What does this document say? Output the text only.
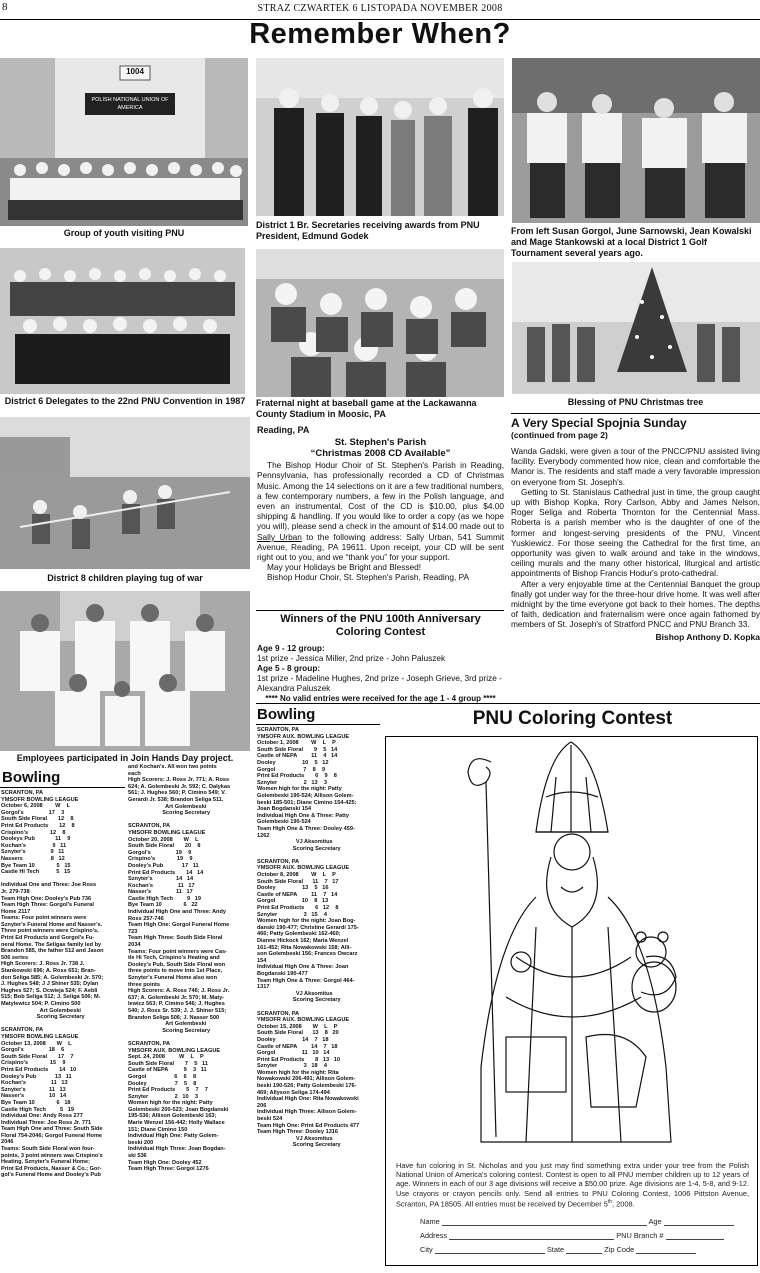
8	STRAZ CZWARTEK 6 LISTOPADA NOVEMBER 2008
Remember When?
1004
POLISH NATIONAL UNION OF AMERICA
Group of youth visiting PNU
District 6 Delegates to the 22nd PNU Convention in 1987
District 8 children playing tug of war
Employees participated in Join Hands Day project.
Bowling
SCRANTON, PA
YMSOFR BOWLING LEAGUE
October 6, 2008        W    L
Gorgol's                17    3
South Side Floral       12    8
Print Ed Products       12    8
Crispino's              12    8
Dooleys Pub             11    9
Kochan's                 9   11
Sznyter's                9   11
Nassers                  8   12
Bye Team 10              5   15
Castle Hi Tech           5   15

Individual One and Three: Joe Ross
Jr. 279-738
Team High One: Dooley's Pub 736
Team High Three: Gorgol's Funeral
Home 2117
Teams: Four point winners were
Sznyter's Funeral Home and Nasser's.
Three point winners were Crispino's,
Print Ed Products and Gorgol's Fu-
neral Home. The Seligas family led by
Brandon 585, the father 512 and Jason
506 series
High Scorers: J. Ross Jr. 738 J.
Stankowski 696; A. Ross 651; Bran-
don Seliga 585; A. Golembeski Jr. 570;
J. Hughes 548; J J Shiner 535; Dylan
Hughes 527; S. Ocwieja 524; F. Aebli
515; Bob Seliga 512; J. Seliga 506; M.
Matylewicz 504; P. Cimino 500
Art Golembeski
Scoring Secretary

SCRANTON, PA
YMSOFR BOWLING LEAGUE
October 13, 2008       W    L
Gorgol's                18    6
South Side Floral       17    7
Crispino's              15    9
Print Ed Products       14   10
Dooley's Pub            13   11
Kochan's                11   13
Sznyter's               11   13
Nasser's                10   14
Bye Team 10              6   18
Castle High Tech         5   19
Individual One: Andy Ross 277
Individual Three: Joe Ross Jr. 771
Team High One and Three: South Side
Floral 754-2046; Gorgol Funeral Home
2046
Teams: South Side Floral won four-
points, 3 point winners was Crispino's
Heating, Sznyter's Funeral Home;
Print Ed Products, Nasser & Co.; Gor-
gol's Funeral Home and Dooley's Pub
and Kochan's. All won two points
each
High Scorers: J. Ross Jr. 771; A. Ross
624; A. Golembeski Jr. 592; C. Dalykas
561; J. Hughes 560; P. Cimino 549; V.
Gerardi Jr. 538; Brandon Seliga 511.
Art Golembeski
Scoring Secretary

SCRANTON, PA
YMSOFR BOWLING LEAGUE
October 20, 2008       W    L
South Side Floral       20    8
Gorgol's                19    9
Crispino's              19    9
Dooley's Pub            17   11
Print Ed Products       14   14
Sznyter's               14   14
Kochan's                11   17
Nasser's                11   17
Castle High Tech         9   19
Bye Team 10              6   22
Individual High One and Three: Andy
Ross 257-746
Team High One: Gorgol Funeral Home
723
Team High Three: South Side Floral
2034
Teams: Four point winners were Cas-
tle Hi Tech, Crispino's Heating and
Dooley's Pub, South Side Floral won
three points to move into 1st Place,
Sznyter's Funeral Home also won
three points
High Scorers: A. Ross 746; J. Ross Jr.
637; A. Golembeski Jr. 570; M. Maty-
lewicz 563; P. Cimino 546; J. Hughes
540; J. Ross Sr. 539; J. J. Shiner 515;
Brandon Seliga 506; J. Nasser 500
Art Golembeski
Scoring Secretary

SCRANTON, PA
YMSOFR AUX. BOWLING LEAGUE
Sept. 24, 2008         W    L    P
South Side Floral       7    5   11
Castle of NEPA          9    3   11
Gorgol                  6    6    8
Dooley                  7    5    8
Print Ed Products       5    7    7
Sznyter                 2   10    3
Women high for the night: Patty
Golembeski 200-523; Joan Bogdanski
195-536; Allison Golembeski 163;
Marie Wenzel 156-442; Holly Wallace
151; Diane Cimino 150
Individual High One: Patty Golem-
beski 200
Individual High Three: Joan Bogdan-
ski 536
Team High One: Dooley 452
Team High Three: Gorgol 1276
District 1 Br. Secretaries receiving awards from PNU President, Edmund Godek
Fraternal night at baseball game at the Lackawanna County Stadium in Moosic, PA
Reading, PA
St. Stephen's Parish
“Christmas 2008 CD Available”

The Bishop Hodur Choir of St. Stephen's Parish in Reading, Pennsylvania, has professionally recorded a CD of Christmas Music. Among the 14 selections on it are a few traditional numbers, a few contemporary numbers, a few in the Polish language, and even an instrumental. Cost of the CD is $10.00, plus $4.00 shipping & handling. If you would like to order a copy (as we hope you will), please send a check in the amount of $14.00 made out to Sally Urban to the following address: Sally Urban, 541 Summit Avenue, Reading, PA 19611. Upon receipt, your CD will be sent right out to you, and we “thank you” for your support.

May your Holidays be Bright and Blessed!

Bishop Hodur Choir, St. Stephen's Parish, Reading, PA

Winners of the PNU 100th Anniversary
Coloring Contest
Age 9 - 12 group:
1st prize - Jessica Miller, 2nd prize - John Paluszek
Age 5 - 8 group:
1st prize - Madeline Hughes, 2nd prize - Joseph Grieve, 3rd prize - Alexandra Paluszek
**** No valid entries were received for the age 1 - 4 group ****
Bowling
SCRANTON, PA
YMSOFR AUX. BOWLING LEAGUE
October 1, 2008        W    L    P
South Side Floral       9    5   14
Castle of NEPA         11    4   14
Dooley                 10    5   12
Gorgol                  7    8    9
Print Ed Products       6    9    8
Sznyter                 2   13    3
Women high for the night: Patty
Golembeski 190-524; Allison Golem-
beski 185-501; Diane Cimino 154-425;
Joan Bogdanski 154
Individual High One & Three: Patty
Golembeski 190-524
Team High One & Three: Dooley 459-
1262
VJ Aksomitus
Scoring Secretary

SCRANTON, PA
YMSOFR AUX. BOWLING LEAGUE
October 8, 2008        W    L    P
South Side Floral      11    7   17
Dooley                 13    5   16
Castle of NEPA         11    7   14
Gorgol                 10    8   13
Print Ed Products       6   12    8
Sznyter                 3   15    4
Women high for the night: Joan Bog-
danski 190-477; Christine Gerardi 175-
466; Patty Golembeski 162-460;
Dianne Hickock 162; Maria Wenzel
161-452; Rita Nowakowski 158; Alli-
son Golembeski 156; Frances Owcarz
154
Individual High One & Three: Joan
Bogdanski 190-477
Team High One & Three: Gorgol 464-
1317
VJ Aksomitus
Scoring Secretary

SCRANTON, PA
YMSOFR AUX. BOWLING LEAGUE
October 15, 2008       W    L    P
South Side Floral      13    8   20
Dooley                 14    7   18
Castle of NEPA         14    7   18
Gorgol                 11   10   14
Print Ed Products       8   13   10
Sznyter                 3   18    4
Women high for the night: Rita
Nowakowski 206-491; Allison Golem-
beski 190-526; Patty Golembeski 176-
469; Allyson Seliga 174-494
Individual High One: Rita Nowakowski
206
Individual High Three: Allison Golem-
beski 524
Team High One: Print Ed Products 477
Team High Three: Dooley 1316
VJ Aksomitus
Scoring Secretary
From left Susan Gorgol, June Sarnowski, Jean Kowalski and Mage Stankowski at a local District 1 Golf Tournament several years ago.
Blessing of PNU Christmas tree
A Very Special Spojnia Sunday
(continued from page 2)

Wanda Gadski, were given a tour of the PNCC/PNU assisted living facility. Everybody commented how nice, clean and comfortable the Manor is. The residents and staff made a very favorable impression on everyone from St. Joseph's.

Getting to St. Stanislaus Cathedral just in time, the group caught up with Bishop Kopka, Rory Carlson, Abby and James Nelson, Roger Seliga and Roberta Thornton for the Centennial Mass. Roberta is a parish member who is the daughter of one of the former and longest-serving presidents of the PNU, Vincent Yuskiewicz. For those seeing the Cathedral for the first time, an opportunity was given to walk around and take in the windows, ceiling murals and the many other historical, liturgical and artistic appointments of Bishop Francis Hodur's proto-cathedral.

After a very enjoyable time at the Centennial Banquet the group finally got under way for the three-hour drive home. It was well after midnight by the time everyone got back to their homes. The depths of faith, dedication and fraternalism were once again fathomed by members of St. Joseph's of Stratford PNCC and PNU Branch 33.

Bishop Anthony D. Kopka
PNU Coloring Contest
Have fun coloring in St. Nicholas and you just may find something extra under your tree from the Polish National Union of America's coloring contest. Contest is open to all PNU member children up to 12 years of age. Winners in each of our 3 age divisions will receive a $50.00 prize. Age divisions are 1-4, 5-8, and 9-12. Use crayons or crayon pencils only. Send all entries to PNU Coloring Contest, 1006 Pittston Avenue, Scranton, PA 18505. All entries must be received by December 5th, 2008.
Name	Age
Address	PNU Branch #
City	State	Zip Code
